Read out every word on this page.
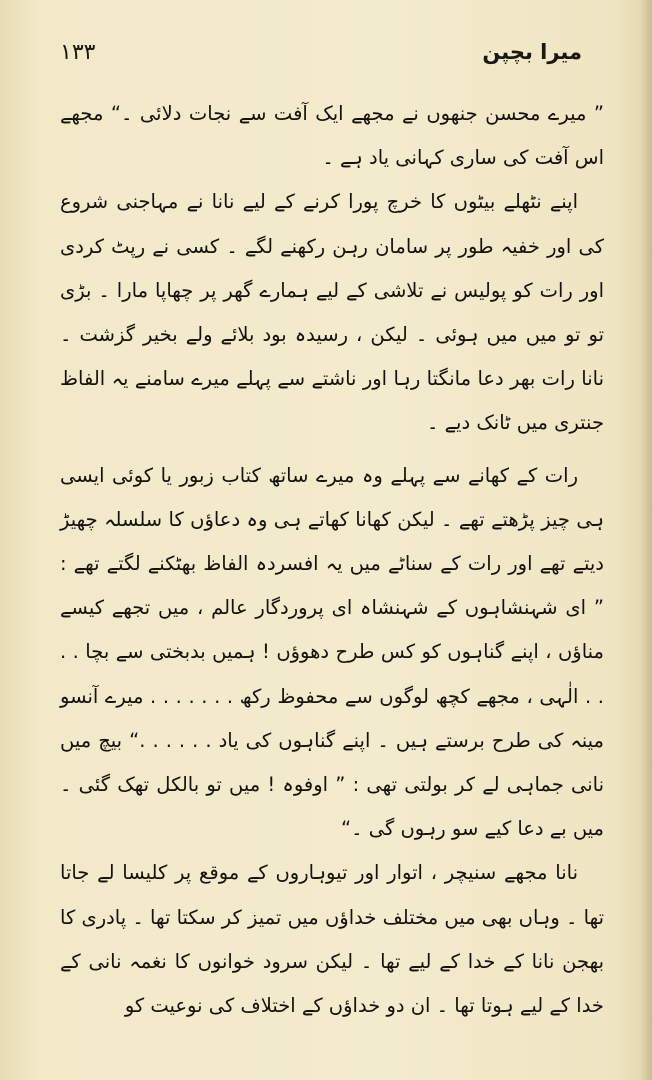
۱۳۳	میرا بچپن

” میرے محسن جنھوں نے مجھے ایک آفت سے نجات دلائی ۔“ مجھے اس آفت کی ساری کہانی یاد ہے ۔

اپنے نٹھلے بیٹوں کا خرچ پورا کرنے کے لیے نانا نے مہاجنی شروع کی اور خفیہ طور پر سامان رہن رکھنے لگے ۔ کسی نے رپٹ کردی اور رات کو پولیس نے تلاشی کے لیے ہمارے گھر پر چھاپا مارا ۔ بڑی تو تو میں میں ہوئی ۔ لیکن ، رسیدہ بود بلائے ولے بخیر گزشت ۔ نانا رات بھر دعا مانگتا رہا اور ناشتے سے پہلے میرے سامنے یہ الفاظ جنتری میں ٹانک دیے ۔

رات کے کھانے سے پہلے وہ میرے ساتھ کتاب زبور یا کوئی ایسی ہی چیز پڑھتے تھے ۔ لیکن کھانا کھاتے ہی وہ دعاؤں کا سلسلہ چھیڑ دیتے تھے اور رات کے سناٹے میں یہ افسردہ الفاظ بھٹکنے لگتے تھے : ” ای شہنشاہوں کے شہنشاہ ای پروردگار عالم ، میں تجھے کیسے مناؤں ، اپنے گناہوں کو کس طرح دھوؤں ! ہمیں بدبختی سے بچا . . . . الٰہی ، مجھے کچھ لوگوں سے محفوظ رکھ . . . . . . . میرے آنسو مینہ کی طرح برستے ہیں ۔ اپنے گناہوں کی یاد . . . . . .“ بیچ میں نانی جماہی لے کر بولتی تھی : ” اوفوہ ! میں تو بالکل تھک گئی ۔ میں بے دعا کیے سو رہوں گی ۔“

نانا مجھے سنیچر ، اتوار اور تیوہاروں کے موقع پر کلیسا لے جاتا تھا ۔ وہاں بھی میں مختلف خداؤں میں تمیز کر سکتا تھا ۔ پادری کا بھجن نانا کے خدا کے لیے تھا ۔ لیکن سرود خوانوں کا نغمہ نانی کے خدا کے لیے ہوتا تھا ۔ ان دو خداؤں کے اختلاف کی نوعیت کو
